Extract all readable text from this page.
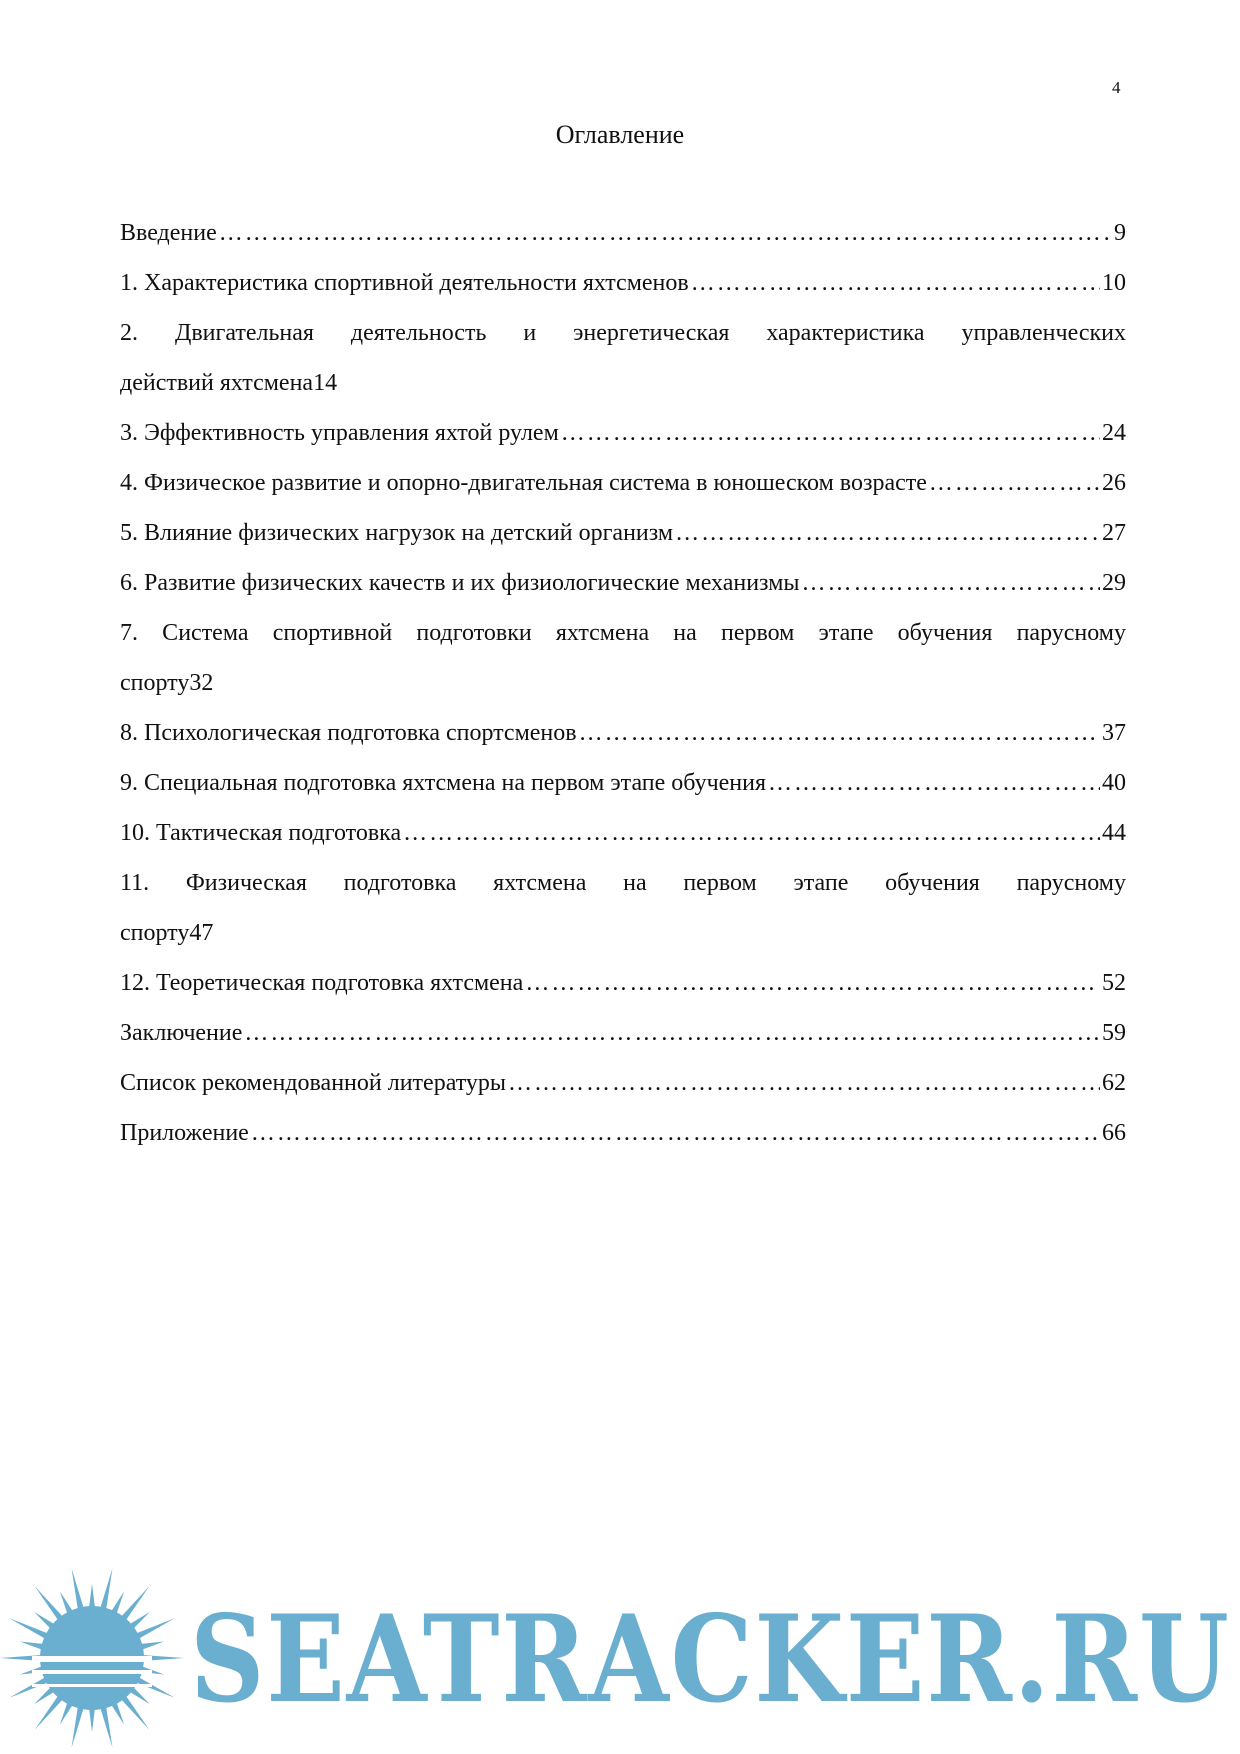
4
Оглавление
Введение ………………………………………………………………………………………………………………………………………………………………………	9
1. Характеристика спортивной деятельности яхтсменов ………………………………………………………………………………………………………………………………………………………………………	10
2. Двигательная деятельность и энергетическая характеристика управленческих
действий яхтсмена 14
3. Эффективность управления яхтой рулем ………………………………………………………………………………………………………………………………………………………………………	24
4. Физическое развитие и опорно-двигательная система в юношеском возрасте ………………………………………………………………………………………………………………………………………………………………………	26
5. Влияние физических нагрузок на детский организм ………………………………………………………………………………………………………………………………………………………………………	27
6. Развитие физических качеств и их физиологические механизмы ………………………………………………………………………………………………………………………………………………………………………	29
7. Система спортивной подготовки яхтсмена на первом этапе обучения парусному
спорту 32
8. Психологическая подготовка спортсменов ………………………………………………………………………………………………………………………………………………………………………	37
9. Специальная подготовка яхтсмена на первом этапе обучения ………………………………………………………………………………………………………………………………………………………………………	40
10. Тактическая подготовка ………………………………………………………………………………………………………………………………………………………………………	44
11. Физическая подготовка яхтсмена на первом этапе обучения парусному
спорту 47
12. Теоретическая подготовка яхтсмена ………………………………………………………………………………………………………………………………………………………………………	52
Заключение ………………………………………………………………………………………………………………………………………………………………………	59
Список рекомендованной литературы ………………………………………………………………………………………………………………………………………………………………………	62
Приложение ………………………………………………………………………………………………………………………………………………………………………	66
SEATRACKER.RU
